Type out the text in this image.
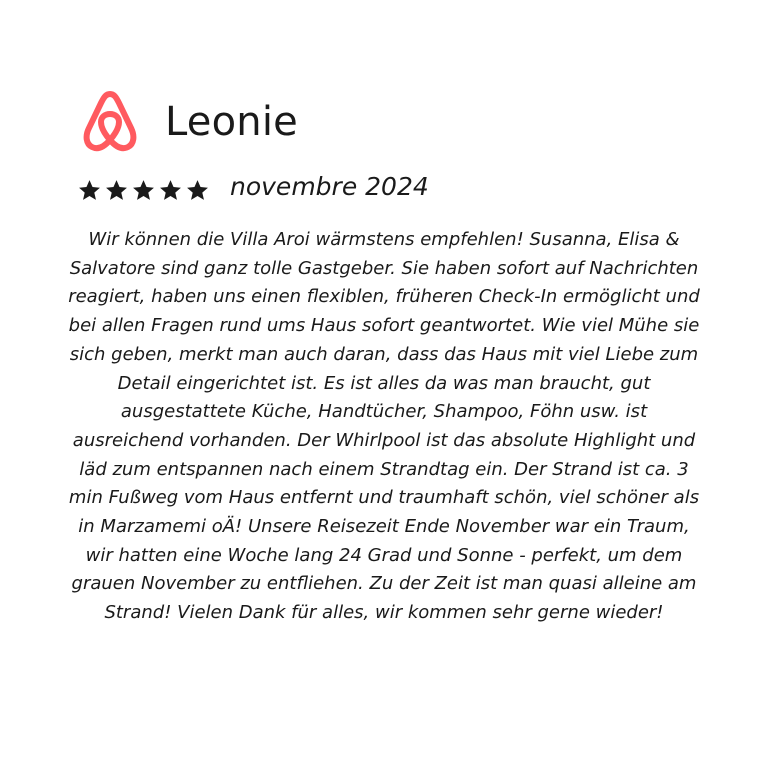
Leonie
novembre 2024

Wir können die Villa Aroi wärmstens empfehlen! Susanna, Elisa & Salvatore sind ganz tolle Gastgeber. Sie haben sofort auf Nachrichten reagiert, haben uns einen flexiblen, früheren Check-In ermöglicht und bei allen Fragen rund ums Haus sofort geantwortet. Wie viel Mühe sie sich geben, merkt man auch daran, dass das Haus mit viel Liebe zum Detail eingerichtet ist. Es ist alles da was man braucht, gut ausgestattete Küche, Handtücher, Shampoo, Föhn usw. ist ausreichend vorhanden. Der Whirlpool ist das absolute Highlight und läd zum entspannen nach einem Strandtag ein. Der Strand ist ca. 3 min Fußweg vom Haus entfernt und traumhaft schön, viel schöner als in Marzamemi oÄ! Unsere Reisezeit Ende November war ein Traum, wir hatten eine Woche lang 24 Grad und Sonne - perfekt, um dem grauen November zu entfliehen. Zu der Zeit ist man quasi alleine am Strand! Vielen Dank für alles, wir kommen sehr gerne wieder!
